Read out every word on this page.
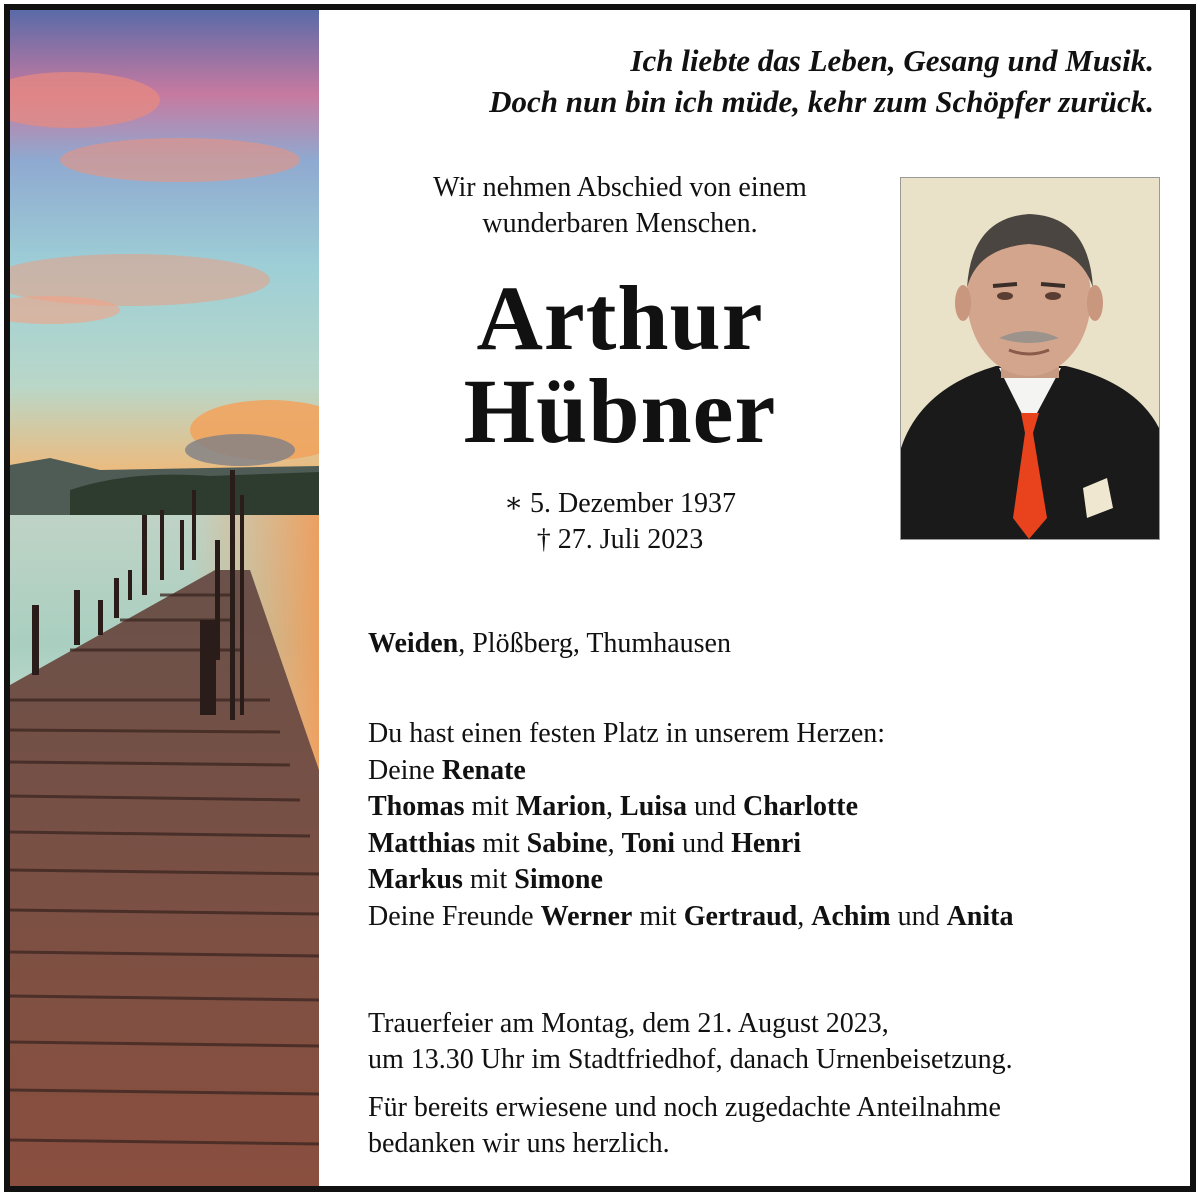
Ich liebte das Leben, Gesang und Musik.
Doch nun bin ich müde, kehr zum Schöpfer zurück.
Wir nehmen Abschied von einem
wunderbaren Menschen.
Arthur
Hübner
∗ 5. Dezember 1937
† 27. Juli 2023
Weiden, Plößberg, Thumhausen
Du hast einen festen Platz in unserem Herzen:
Deine Renate
Thomas mit Marion, Luisa und Charlotte
Matthias mit Sabine, Toni und Henri
Markus mit Simone
Deine Freunde Werner mit Gertraud, Achim und Anita
Trauerfeier am Montag, dem 21. August 2023,
um 13.30 Uhr im Stadtfriedhof, danach Urnenbeisetzung.
Für bereits erwiesene und noch zugedachte Anteilnahme
bedanken wir uns herzlich.
